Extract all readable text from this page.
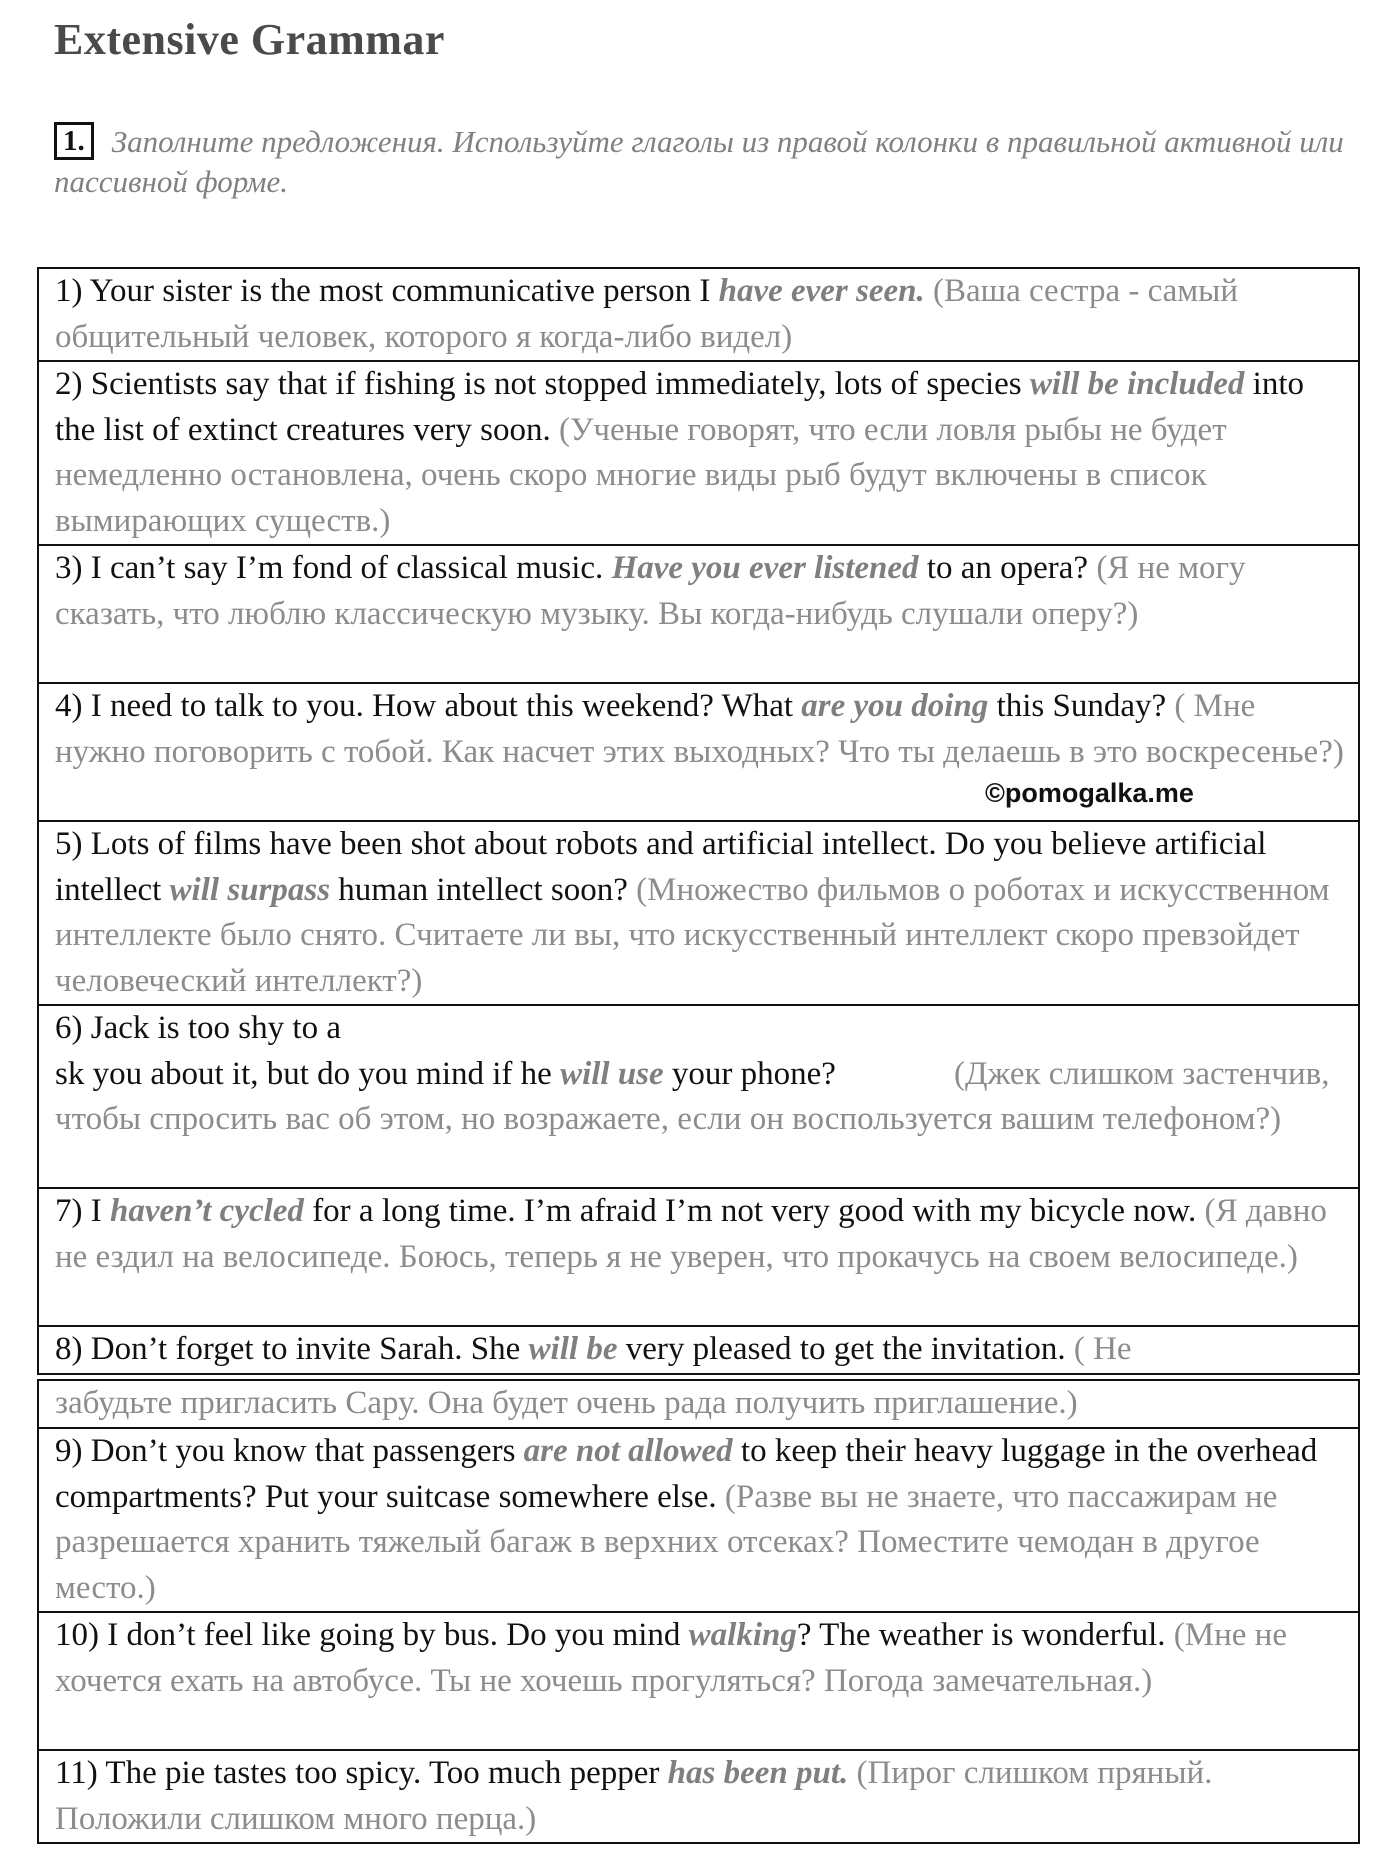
Extensive Grammar
1. Заполните предложения. Используйте глаголы из правой колонки в правильной активной или пассивной форме.
1) Your sister is the most communicative person I have ever seen. (Ваша сестра - самый общительный человек, которого я когда-либо видел)
2) Scientists say that if fishing is not stopped immediately, lots of species will be included into the list of extinct creatures very soon. (Ученые говорят, что если ловля рыбы не будет немедленно остановлена, очень скоро многие виды рыб будут включены в список вымирающих существ.)
3) I can’t say I’m fond of classical music. Have you ever listened to an opera? (Я не могу сказать, что люблю классическую музыку. Вы когда-нибудь слушали оперу?)
4) I need to talk to you. How about this weekend? What are you doing this Sunday? ( Мне нужно поговорить с тобой. Как насчет этих выходных? Что ты делаешь в это воскресенье?)
5) Lots of films have been shot about robots and artificial intellect. Do you believe artificial intellect will surpass human intellect soon? (Множество фильмов о роботах и искусственном интеллекте было снято. Считаете ли вы, что искусственный интеллект скоро превзойдет человеческий интеллект?)
6) Jack is too shy to a
sk you about it, but do you mind if he will use your phone?	(Джек слишком застенчив, чтобы спросить вас об этом, но возражаете, если он воспользуется вашим телефоном?)
7) I haven’t cycled for a long time. I’m afraid I’m not very good with my bicycle now. (Я давно не ездил на велосипеде. Боюсь, теперь я не уверен, что прокачусь на своем велосипеде.)
8) Don’t forget to invite Sarah. She will be very pleased to get the invitation. ( Не
©pomogalka.me
забудьте пригласить Сару. Она будет очень рада получить приглашение.)
9) Don’t you know that passengers are not allowed to keep their heavy luggage in the overhead compartments? Put your suitcase somewhere else. (Разве вы не знаете, что пассажирам не разрешается хранить тяжелый багаж в верхних отсеках? Поместите чемодан в другое место.)
10) I don’t feel like going by bus. Do you mind walking? The weather is wonderful. (Мне не хочется ехать на автобусе. Ты не хочешь прогуляться? Погода замечательная.)
11) The pie tastes too spicy. Too much pepper has been put. (Пирог слишком пряный. Положили слишком много перца.)
